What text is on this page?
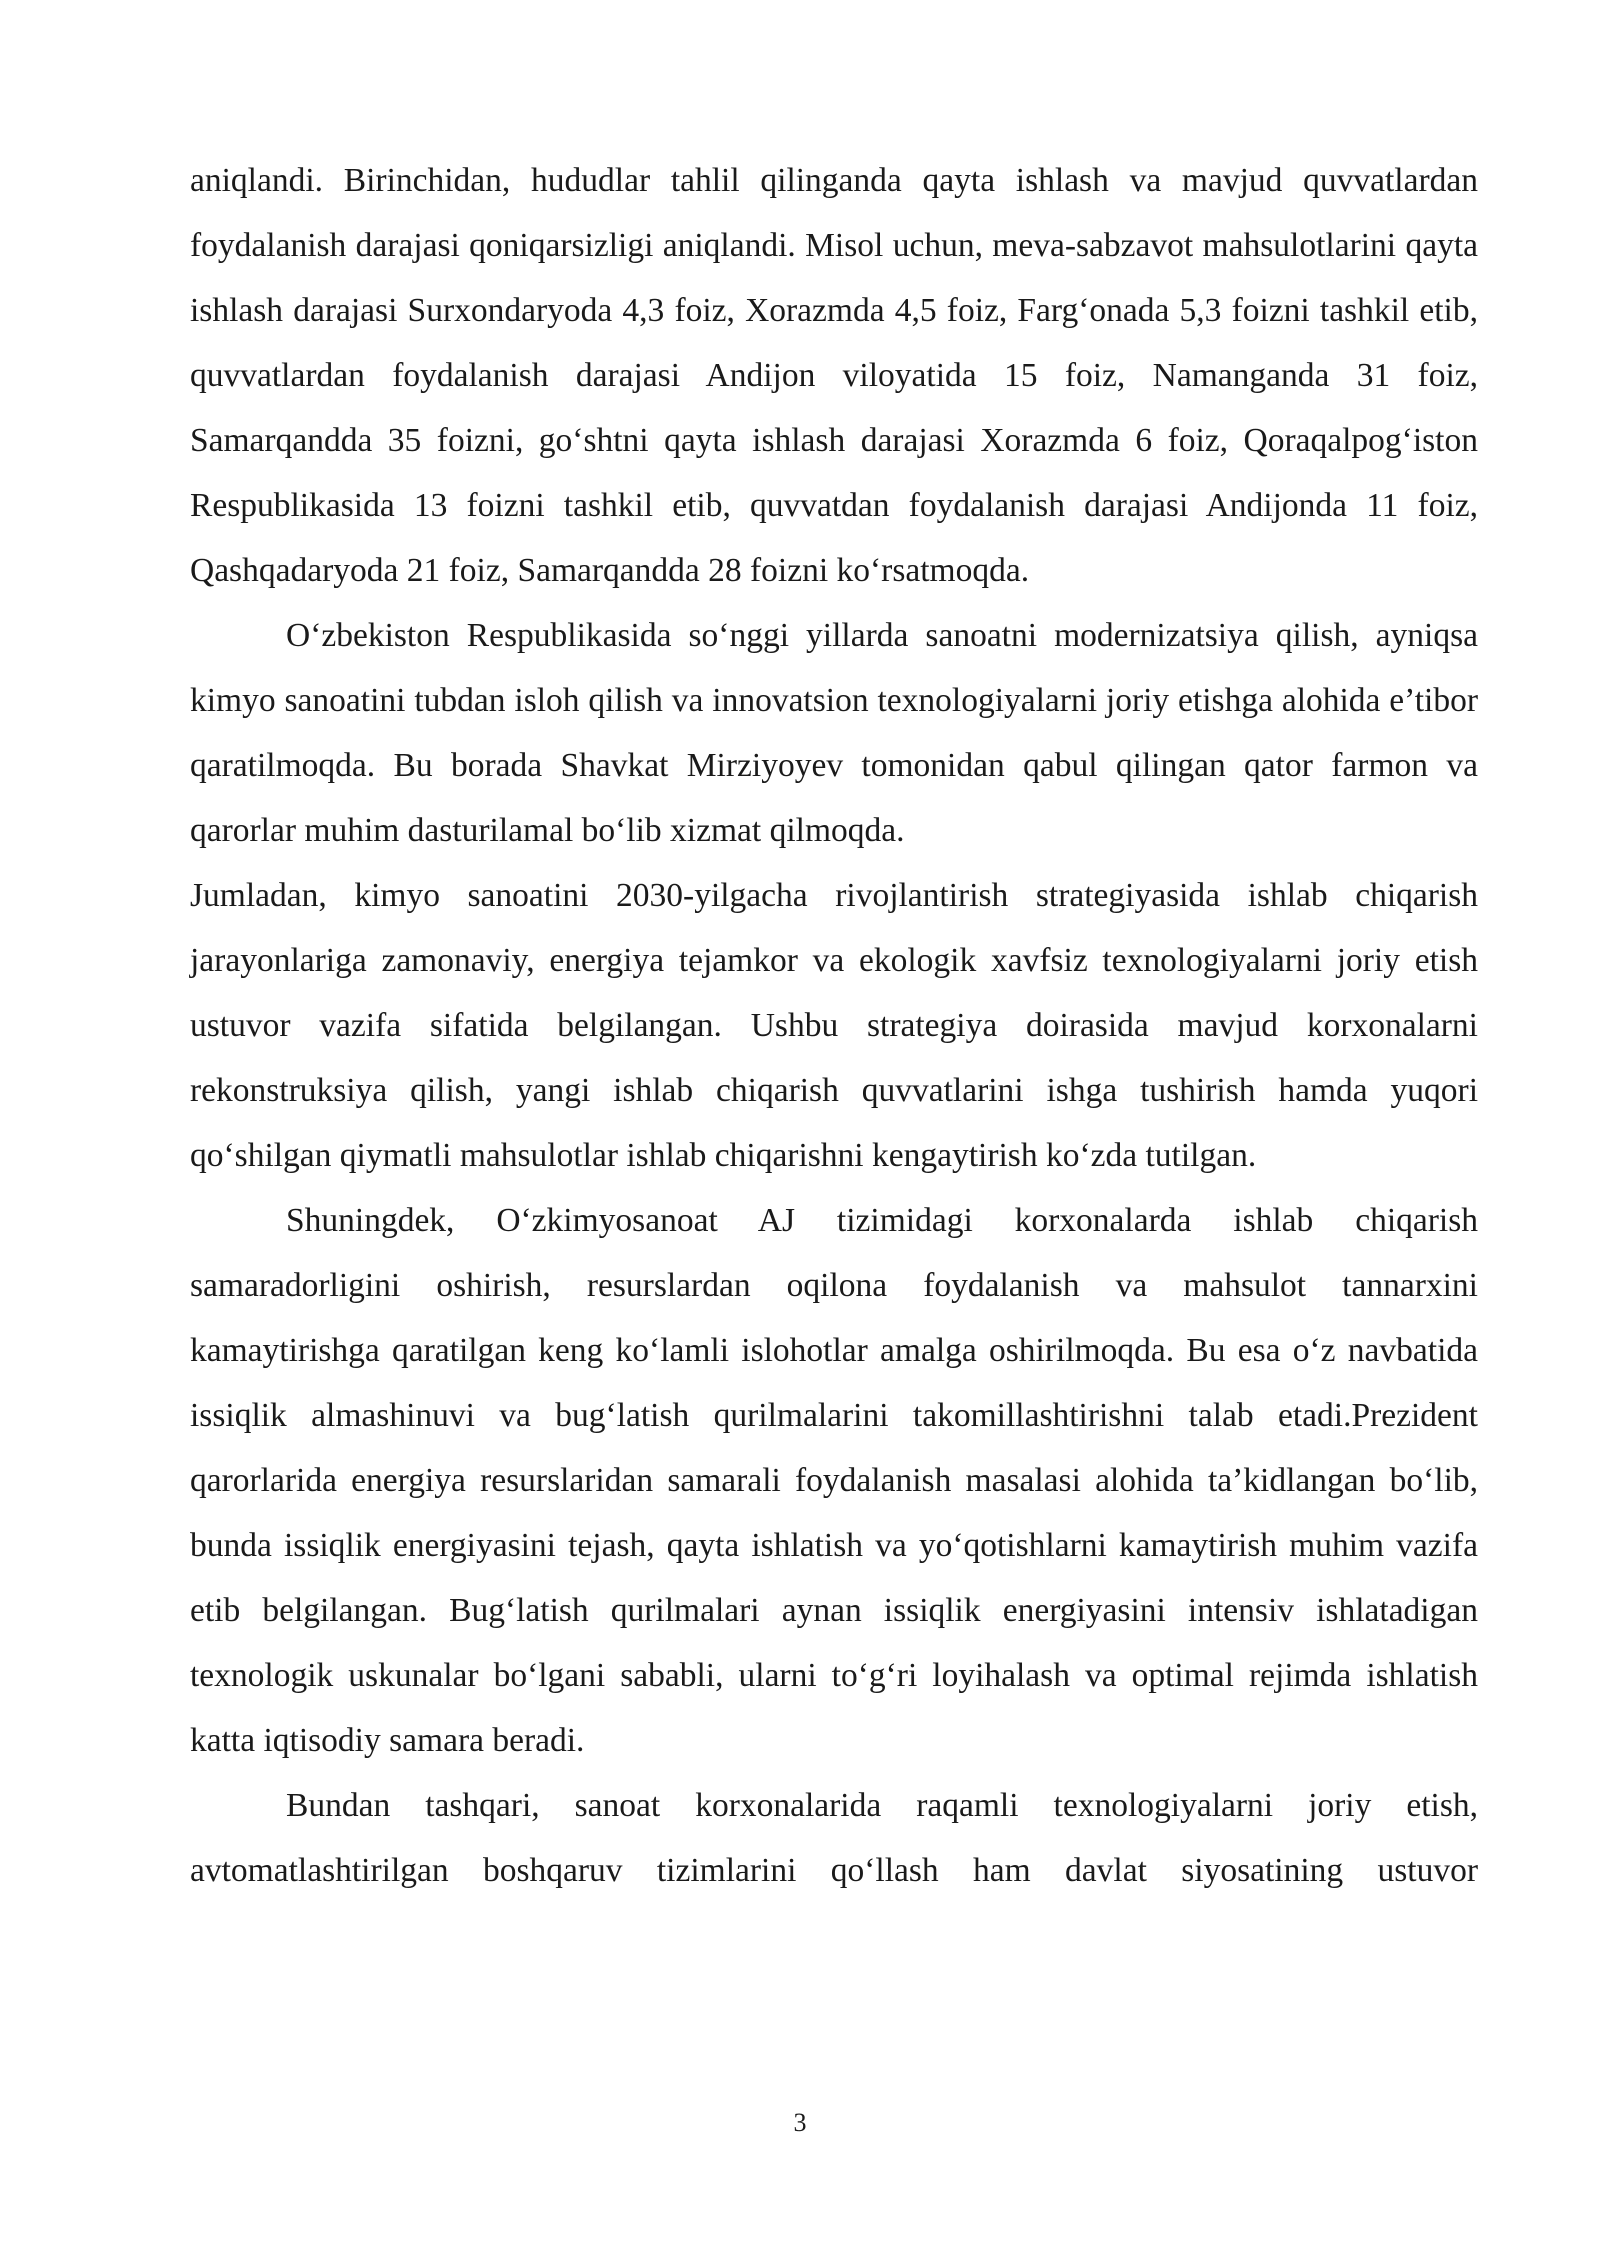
aniqlandi. Birinchidan, hududlar tahlil qilinganda qayta ishlash va mavjud quvvatlardan foydalanish darajasi qoniqarsizligi aniqlandi. Misol uchun, meva-sabzavot mahsulotlarini qayta ishlash darajasi Surxondaryoda 4,3 foiz, Xorazmda 4,5 foiz, Farg‘onada 5,3 foizni tashkil etib, quvvatlardan foydalanish darajasi Andijon viloyatida 15 foiz, Namanganda 31 foiz, Samarqandda 35 foizni, go‘shtni qayta ishlash darajasi Xorazmda 6 foiz, Qoraqalpog‘iston Respublikasida 13 foizni tashkil etib, quvvatdan foydalanish darajasi Andijonda 11 foiz, Qashqadaryoda 21 foiz, Samarqandda 28 foizni ko‘rsatmoqda.

O‘zbekiston Respublikasida so‘nggi yillarda sanoatni modernizatsiya qilish, ayniqsa kimyo sanoatini tubdan isloh qilish va innovatsion texnologiyalarni joriy etishga alohida e’tibor qaratilmoqda. Bu borada Shavkat Mirziyoyev tomonidan qabul qilingan qator farmon va qarorlar muhim dasturilamal bo‘lib xizmat qilmoqda.

Jumladan, kimyo sanoatini 2030-yilgacha rivojlantirish strategiyasida ishlab chiqarish jarayonlariga zamonaviy, energiya tejamkor va ekologik xavfsiz texnologiyalarni joriy etish ustuvor vazifa sifatida belgilangan. Ushbu strategiya doirasida mavjud korxonalarni rekonstruksiya qilish, yangi ishlab chiqarish quvvatlarini ishga tushirish hamda yuqori qo‘shilgan qiymatli mahsulotlar ishlab chiqarishni kengaytirish ko‘zda tutilgan.

Shuningdek, O‘zkimyosanoat AJ tizimidagi korxonalarda ishlab chiqarish samaradorligini oshirish, resurslardan oqilona foydalanish va mahsulot tannarxini kamaytirishga qaratilgan keng ko‘lamli islohotlar amalga oshirilmoqda. Bu esa o‘z navbatida issiqlik almashinuvi va bug‘latish qurilmalarini takomillashtirishni talab etadi.Prezident qarorlarida energiya resurslaridan samarali foydalanish masalasi alohida ta’kidlangan bo‘lib, bunda issiqlik energiyasini tejash, qayta ishlatish va yo‘qotishlarni kamaytirish muhim vazifa etib belgilangan. Bug‘latish qurilmalari aynan issiqlik energiyasini intensiv ishlatadigan texnologik uskunalar bo‘lgani sababli, ularni to‘g‘ri loyihalash va optimal rejimda ishlatish katta iqtisodiy samara beradi.

Bundan tashqari, sanoat korxonalarida raqamli texnologiyalarni joriy etish, avtomatlashtirilgan boshqaruv tizimlarini qo‘llash ham davlat siyosatining ustuvor

3
